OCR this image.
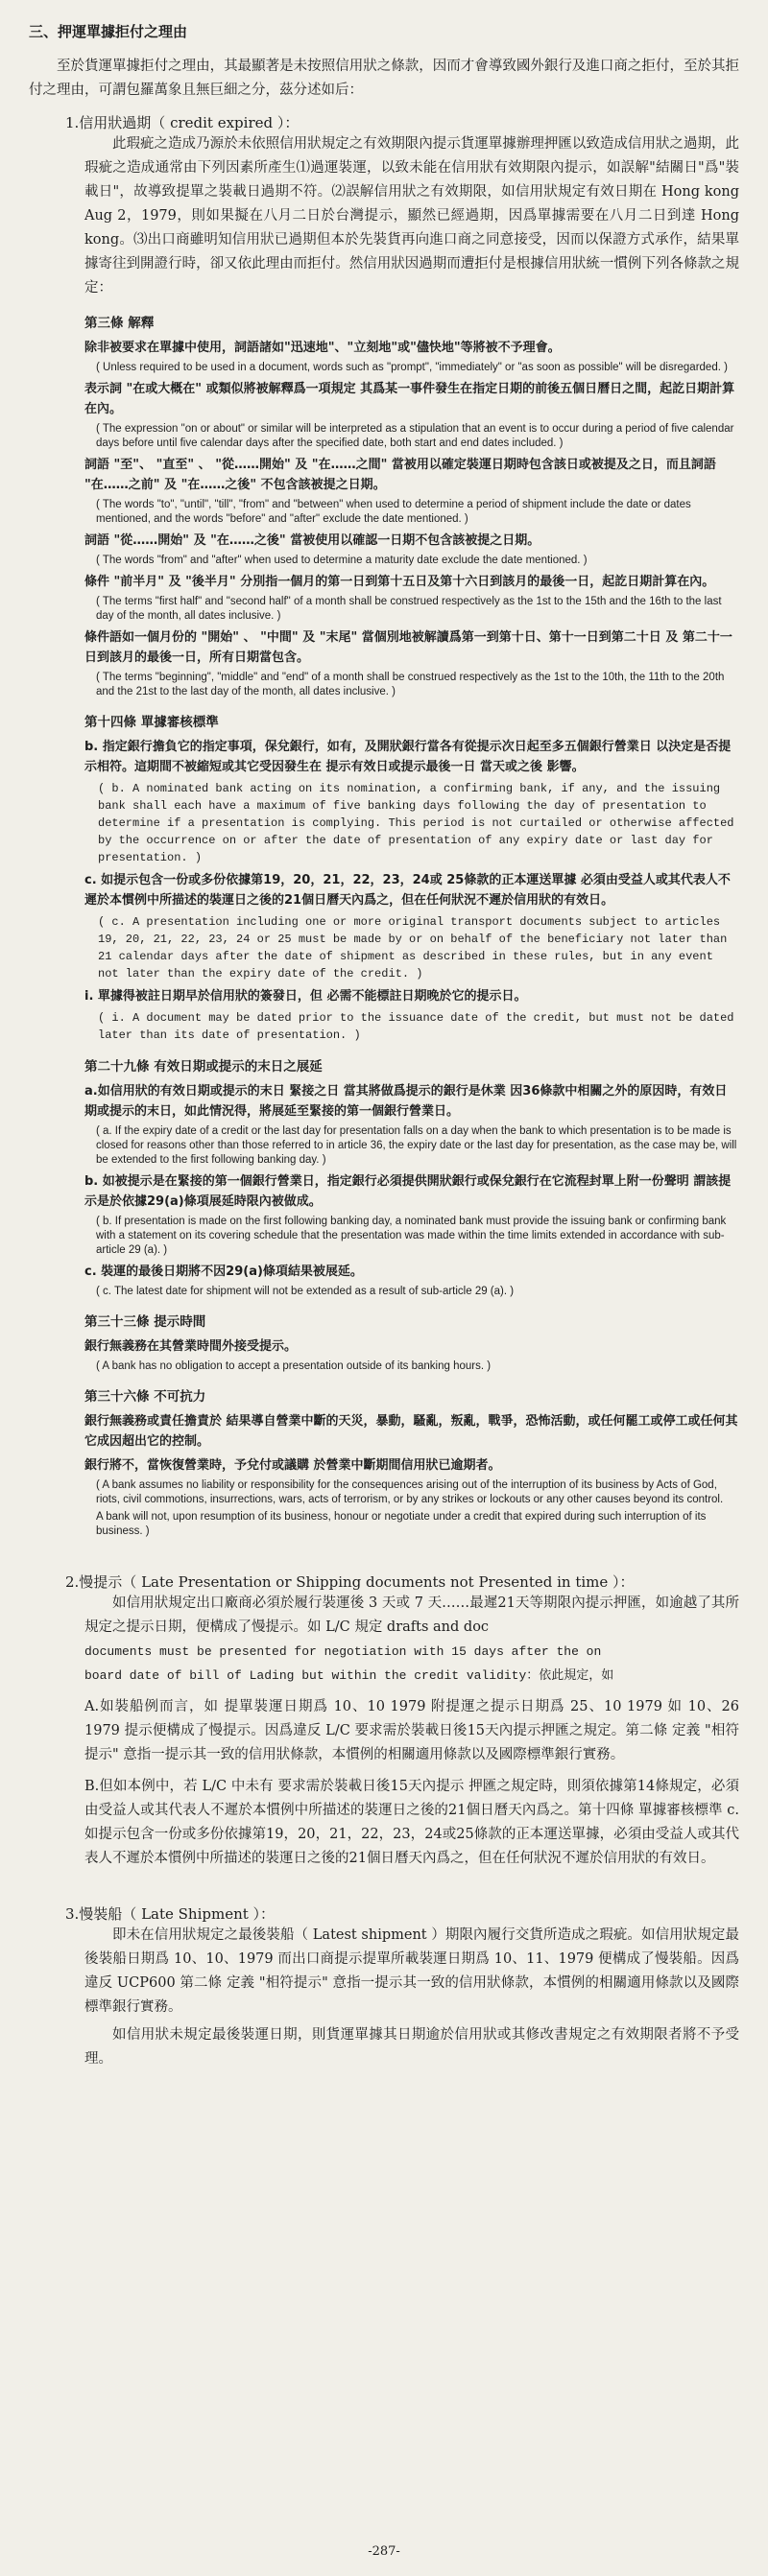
三、押運單據拒付之理由

至於貨運單據拒付之理由，其最顯著是未按照信用狀之條款，因而才會導致國外銀行及進口商之拒付，至於其拒付之理由，可謂包羅萬象且無巨細之分，茲分述如后：

1.信用狀過期（ credit expired ）：

此瑕疵之造成乃源於未依照信用狀規定之有效期限內提示貨運單據辦理押匯以致造成信用狀之過期，此瑕疵之造成通常由下列因素所產生⑴過運裝運，以致未能在信用狀有效期限內提示，如誤解"結關日"爲"裝載日"，故導致提單之裝載日過期不符。⑵誤解信用狀之有效期限，如信用狀規定有效日期在 Hong kong Aug 2，1979，則如果擬在八月二日於台灣提示，顯然已經過期，因爲單據需要在八月二日到達 Hong kong。⑶出口商雖明知信用狀已過期但本於先裝貨再向進口商之同意接受，因而以保證方式承作，結果單據寄往到開證行時，卻又依此理由而拒付。然信用狀因過期而遭拒付是根據信用狀統一慣例下列各條款之規定：

第三條 解釋

除非被要求在單據中使用，詞語諸如"迅速地"、"立刻地"或"儘快地"等將被不予理會。

( Unless required to be used in a document, words such as "prompt", "immediately" or "as soon as possible" will be disregarded. )

表示詞 "在或大概在" 或類似將被解釋爲一項規定 其爲某一事件發生在指定日期的前後五個日曆日之間，起訖日期計算在內。

( The expression "on or about" or similar will be interpreted as a stipulation that an event is to occur during a period of five calendar days before until five calendar days after the specified date, both start and end dates included. )

詞語 "至"、 "直至" 、 "從……開始" 及 "在……之間" 當被用以確定裝運日期時包含該日或被提及之日，而且詞語 "在……之前" 及 "在……之後" 不包含該被提之日期。

( The words "to", "until", "till", "from" and "between" when used to determine a period of shipment include the date or dates mentioned, and the words "before" and "after" exclude the date mentioned. )

詞語 "從……開始" 及 "在……之後" 當被使用以確認一日期不包含該被提之日期。

( The words "from" and "after" when used to determine a maturity date exclude the date mentioned. )

條件 "前半月" 及 "後半月" 分別指一個月的第一日到第十五日及第十六日到該月的最後一日，起訖日期計算在內。

( The terms "first half" and "second half" of a month shall be construed respectively as the 1st to the 15th and the 16th to the last day of the month, all dates inclusive. )

條件語如一個月份的 "開始" 、 "中間" 及 "末尾" 當個別地被解讀爲第一到第十日、第十一日到第二十日 及 第二十一日到該月的最後一日，所有日期當包含。

( The terms "beginning", "middle" and "end" of a month shall be construed respectively as the 1st to the 10th, the 11th to the 20th and the 21st to the last day of the month, all dates inclusive. )

第十四條 單據審核標準

b. 指定銀行擔負它的指定事項，保兌銀行，如有，及開狀銀行當各有從提示次日起至多五個銀行營業日 以決定是否提示相符。這期間不被縮短或其它受因發生在 提示有效日或提示最後一日 當天或之後 影響。

( b. A nominated bank acting on its nomination, a confirming bank, if any, and the issuing bank shall each have a maximum of five banking days following the day of presentation to determine if a presentation is complying. This period is not curtailed or otherwise affected by the occurrence on or after the date of presentation of any expiry date or last day for presentation. )

c. 如提示包含一份或多份依據第19，20，21，22，23，24或 25條款的正本運送單據 必須由受益人或其代表人不遲於本慣例中所描述的裝運日之後的21個日曆天內爲之，但在任何狀況不遲於信用狀的有效日。

( c. A presentation including one or more original transport documents subject to articles 19, 20, 21, 22, 23, 24 or 25 must be made by or on behalf of the beneficiary not later than 21 calendar days after the date of shipment as described in these rules, but in any event not later than the expiry date of the credit. )

i. 單據得被註日期早於信用狀的簽發日，但 必需不能標註日期晚於它的提示日。

( i. A document may be dated prior to the issuance date of the credit, but must not be dated later than its date of presentation. )

第二十九條 有效日期或提示的末日之展延

a.如信用狀的有效日期或提示的末日 緊接之日 當其將做爲提示的銀行是休業 因36條款中相關之外的原因時，有效日期或提示的末日，如此情況得，將展延至緊接的第一個銀行營業日。

( a. If the expiry date of a credit or the last day for presentation falls on a day when the bank to which presentation is to be made is closed for reasons other than those referred to in article 36, the expiry date or the last day for presentation, as the case may be, will be extended to the first following banking day. )

b. 如被提示是在緊接的第一個銀行營業日，指定銀行必須提供開狀銀行或保兌銀行在它流程封單上附一份聲明 謂該提示是於依據29(a)條項展延時限內被做成。

( b. If presentation is made on the first following banking day, a nominated bank must provide the issuing bank or confirming bank with a statement on its covering schedule that the presentation was made within the time limits extended in accordance with sub-article 29 (a). )

c. 裝運的最後日期將不因29(a)條項結果被展延。

( c. The latest date for shipment will not be extended as a result of sub-article 29 (a). )

第三十三條 提示時間

銀行無義務在其營業時間外接受提示。

( A bank has no obligation to accept a presentation outside of its banking hours. )

第三十六條 不可抗力

銀行無義務或責任擔責於 結果導自營業中斷的天災，暴動，騷亂，叛亂，戰爭，恐怖活動，或任何罷工或停工或任何其它成因超出它的控制。

銀行將不，當恢復營業時，予兌付或議購 於營業中斷期間信用狀已逾期者。

( A bank assumes no liability or responsibility for the consequences arising out of the interruption of its business by Acts of God, riots, civil commotions, insurrections, wars, acts of terrorism, or by any strikes or lockouts or any other causes beyond its control.

A bank will not, upon resumption of its business, honour or negotiate under a credit that expired during such interruption of its business. )

2.慢提示（ Late Presentation or Shipping documents not Presented in time ）：

如信用狀規定出口廠商必須於履行裝運後 3 天或 7 天……最遲21天等期限內提示押匯，如逾越了其所規定之提示日期，便構成了慢提示。如 L/C 規定 drafts and doc

documents must be presented for negotiation with 15 days after the on

board date of bill of Lading but within the credit validity：依此規定，如

A.如裝船例而言，如 提單裝運日期爲 10、10 1979 附提運之提示日期爲 25、10 1979 如 10、26 1979 提示便構成了慢提示。因爲違反 L/C 要求需於裝載日後15天內提示押匯之規定。第二條 定義 "相符提示" 意指一提示其一致的信用狀條款，本慣例的相關適用條款以及國際標準銀行實務。

B.但如本例中，若 L/C 中未有 要求需於裝載日後15天內提示 押匯之規定時，則須依據第14條規定，必須由受益人或其代表人不遲於本慣例中所描述的裝運日之後的21個日曆天內爲之。第十四條 單據審核標準 c. 如提示包含一份或多份依據第19，20，21，22，23，24或25條款的正本運送單據，必須由受益人或其代表人不遲於本慣例中所描述的裝運日之後的21個日曆天內爲之，但在任何狀況不遲於信用狀的有效日。

3.慢裝船（ Late Shipment ）：

即未在信用狀規定之最後裝船（ Latest shipment ）期限內履行交貨所造成之瑕疵。如信用狀規定最後裝船日期爲 10、10、1979 而出口商提示提單所載裝運日期爲 10、11、1979 便構成了慢裝船。因爲違反 UCP600 第二條 定義 "相符提示" 意指一提示其一致的信用狀條款，本慣例的相關適用條款以及國際標準銀行實務。

如信用狀未規定最後裝運日期，則貨運單據其日期逾於信用狀或其修改書規定之有效期限者將不予受理。

-287-
